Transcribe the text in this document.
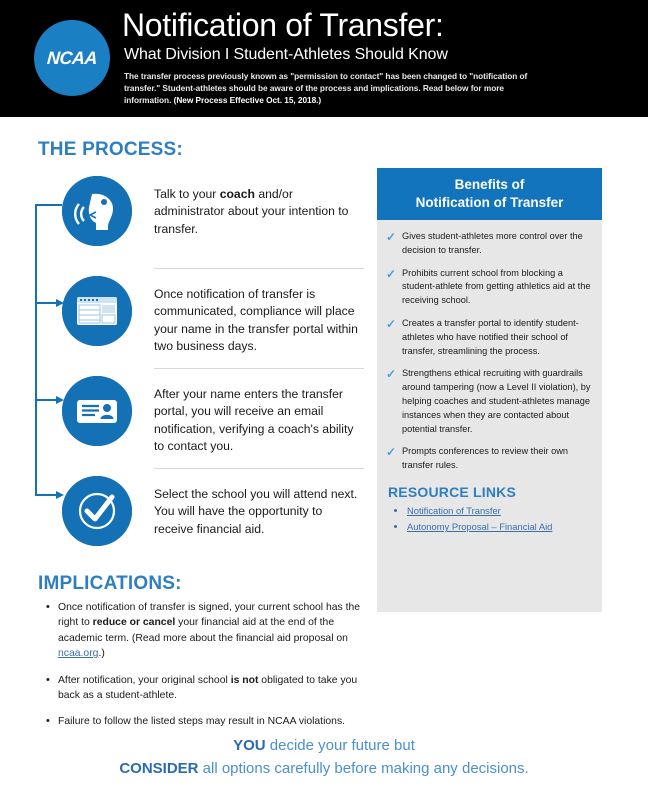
NCAA
Notification of Transfer:
What Division I Student-Athletes Should Know
The transfer process previously known as "permission to contact" has been changed to "notification of transfer." Student-athletes should be aware of the process and implications. Read below for more information. (New Process Effective Oct. 15, 2018.)
THE PROCESS:
Talk to your coach and/or administrator about your intention to transfer.
Once notification of transfer is communicated, compliance will place your name in the transfer portal within two business days.
After your name enters the transfer portal, you will receive an email notification, verifying a coach's ability to contact you.
Select the school you will attend next. You will have the opportunity to receive financial aid.
Benefits of
Notification of Transfer
✓ Gives student-athletes more control over the decision to transfer.
✓ Prohibits current school from blocking a student-athlete from getting athletics aid at the receiving school.
✓ Creates a transfer portal to identify student-athletes who have notified their school of transfer, streamlining the process.
✓ Strengthens ethical recruiting with guardrails around tampering (now a Level II violation), by helping coaches and student-athletes manage instances when they are contacted about potential transfer.
✓ Prompts conferences to review their own transfer rules.
RESOURCE LINKS
• Notification of Transfer
• Autonomy Proposal – Financial Aid
IMPLICATIONS:
• Once notification of transfer is signed, your current school has the right to reduce or cancel your financial aid at the end of the academic term. (Read more about the financial aid proposal on ncaa.org.)
• After notification, your original school is not obligated to take you back as a student-athlete.
• Failure to follow the listed steps may result in NCAA violations.
YOU decide your future but
CONSIDER all options carefully before making any decisions.
